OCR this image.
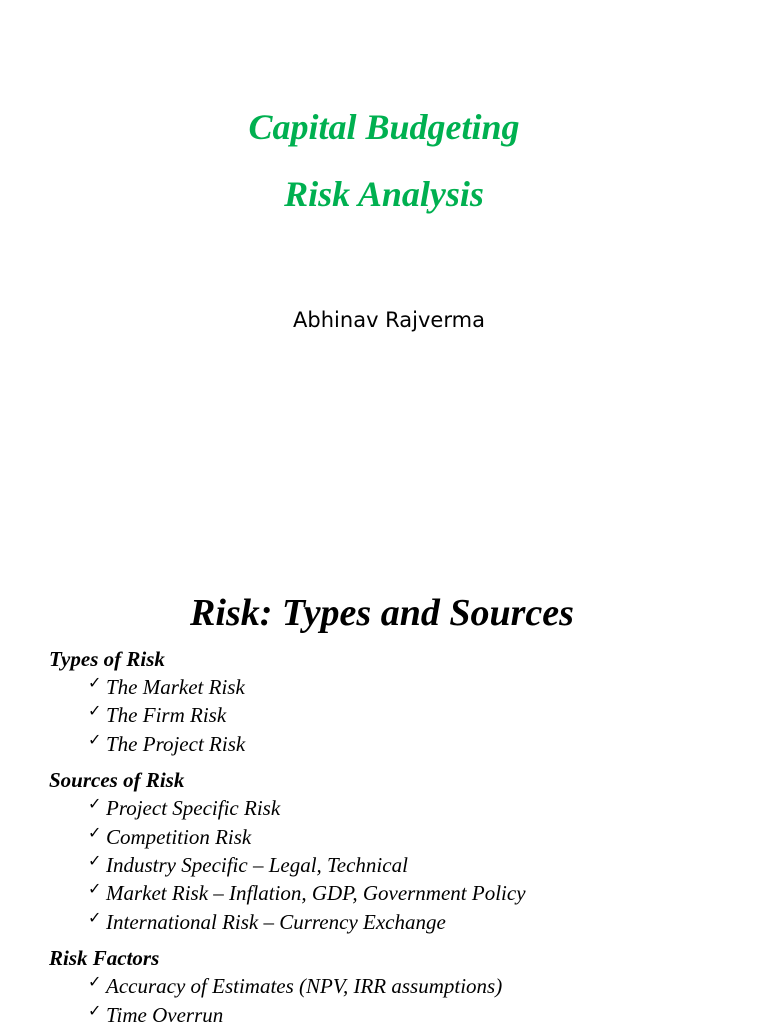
Capital Budgeting
Risk Analysis

Abhinav Rajverma

Risk: Types and Sources
Types of Risk
✓ The Market Risk
✓ The Firm Risk
✓ The Project Risk
Sources of Risk
✓ Project Specific Risk
✓ Competition Risk
✓ Industry Specific – Legal, Technical
✓ Market Risk – Inflation, GDP, Government Policy
✓ International Risk – Currency Exchange
Risk Factors
✓ Accuracy of Estimates (NPV, IRR assumptions)
✓ Time Overrun
